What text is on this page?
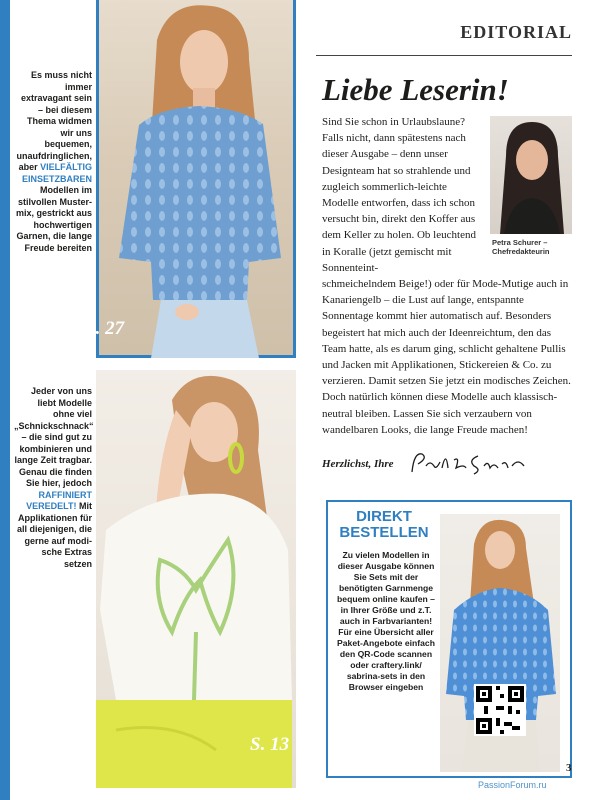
S. 27
Es muss nicht immer extravagant sein – bei diesem Thema widmen wir uns bequemen, unaufdringlichen, aber VIELFÄLTIG EINSETZBAREN Modellen im stilvollen Mustermix, gestrickt aus hochwertigen Garnen, die lange Freude bereiten
S. 13
Jeder von uns liebt Modelle ohne viel „Schnickschnack“ – die sind gut zu kombinieren und lange Zeit tragbar. Genau die finden Sie hier, jedoch RAFFINIERT VEREDELT! Mit Applikationen für all diejenigen, die gerne auf modische Extras setzen
EDITORIAL
Liebe Leserin!
Sind Sie schon in Urlaubslaune? Falls nicht, dann spätestens nach dieser Ausgabe – denn unser Designteam hat so strahlende und zugleich sommerlich-leichte Modelle entworfen, dass ich schon versucht bin, direkt den Koffer aus dem Keller zu holen. Ob leuchtend in Koralle (jetzt gemischt mit Sonnenteint-
Petra Schurer –
Chefredakteurin
schmeichelndem Beige!) oder für Mode-Mutige auch in Kanariengelb – die Lust auf lange, entspannte Sonnentage kommt hier automatisch auf. Besonders begeistert hat mich auch der Ideenreichtum, den das Team hatte, als es darum ging, schlicht gehaltene Pullis und Jacken mit Applikationen, Stickereien & Co. zu verzieren. Damit setzen Sie jetzt ein modisches Zeichen. Doch natürlich können diese Modelle auch klassisch-neutral bleiben. Lassen Sie sich verzaubern von wandelbaren Looks, die lange Freude machen!
Herzlichst, Ihre
DIREKT
BESTELLEN
Zu vielen Modellen in dieser Ausgabe können Sie Sets mit der benötigten Garnmenge bequem online kaufen – in Ihrer Größe und z.T. auch in Farbvarianten! Für eine Übersicht aller Paket-Angebote einfach den QR-Code scannen oder craftery.link/ sabrina-sets in den Browser eingeben
3
PassionForum.ru
